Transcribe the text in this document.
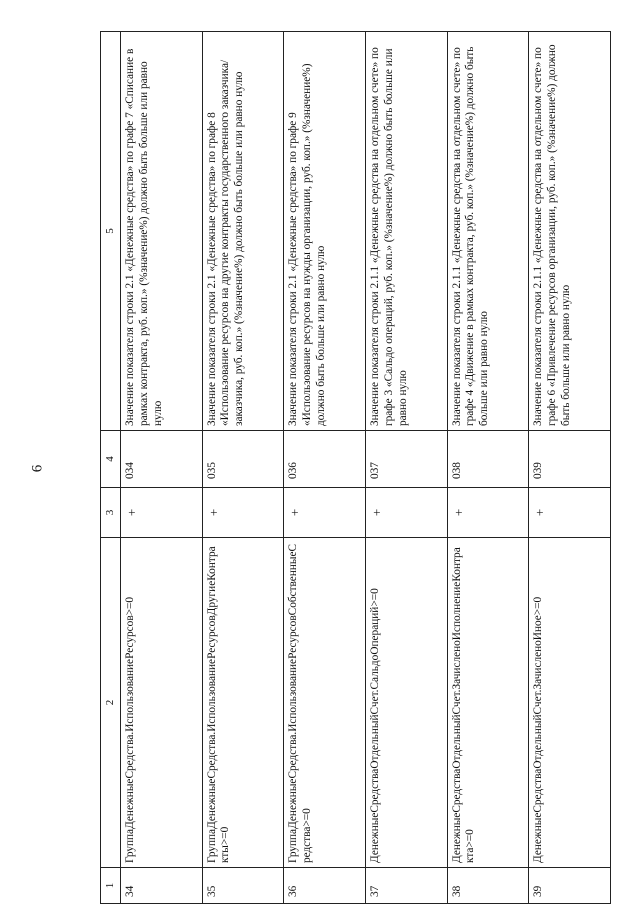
6
1	2	3	4	5
34	ГруппаДенежныеСредства.ИспользованиеРесурсов>=0	+	034	Значение показателя строки 2.1 «Денежные средства» по графе 7 «Списание в рамках контракта, руб. коп.» (%значение%) должно быть больше или равно нулю
35	ГруппаДенежныеСредства.ИспользованиеРесурсовДругиеКонтракты>=0	+	035	Значение показателя строки 2.1 «Денежные средства» по графе 8 «Использование ресурсов на другие контракты государственного заказчика/заказчика, руб. коп.» (%значение%) должно быть больше или равно нулю
36	ГруппаДенежныеСредства.ИспользованиеРесурсовСобственныеСредства>=0	+	036	Значение показателя строки 2.1 «Денежные средства» по графе 9 «Использование ресурсов на нужды организации, руб. коп.» (%значение%) должно быть больше или равно нулю
37	ДенежныеСредстваОтдельныйСчет.СальдоОпераций>=0	+	037	Значение показателя строки 2.1.1 «Денежные средства на отдельном счете» по графе 3 «Сальдо операций, руб. коп.» (%значение%) должно быть больше или равно нулю
38	ДенежныеСредстваОтдельныйСчет.ЗачисленоИсполнениеКонтракта>=0	+	038	Значение показателя строки 2.1.1 «Денежные средства на отдельном счете» по графе 4 «Движение в рамках контракта, руб. коп.» (%значение%) должно быть больше или равно нулю
39	ДенежныеСредстваОтдельныйСчет.ЗачисленоИное>=0	+	039	Значение показателя строки 2.1.1 «Денежные средства на отдельном счете» по графе 6 «Привлечение ресурсов организации, руб. коп.» (%значение%) должно быть больше или равно нулю
